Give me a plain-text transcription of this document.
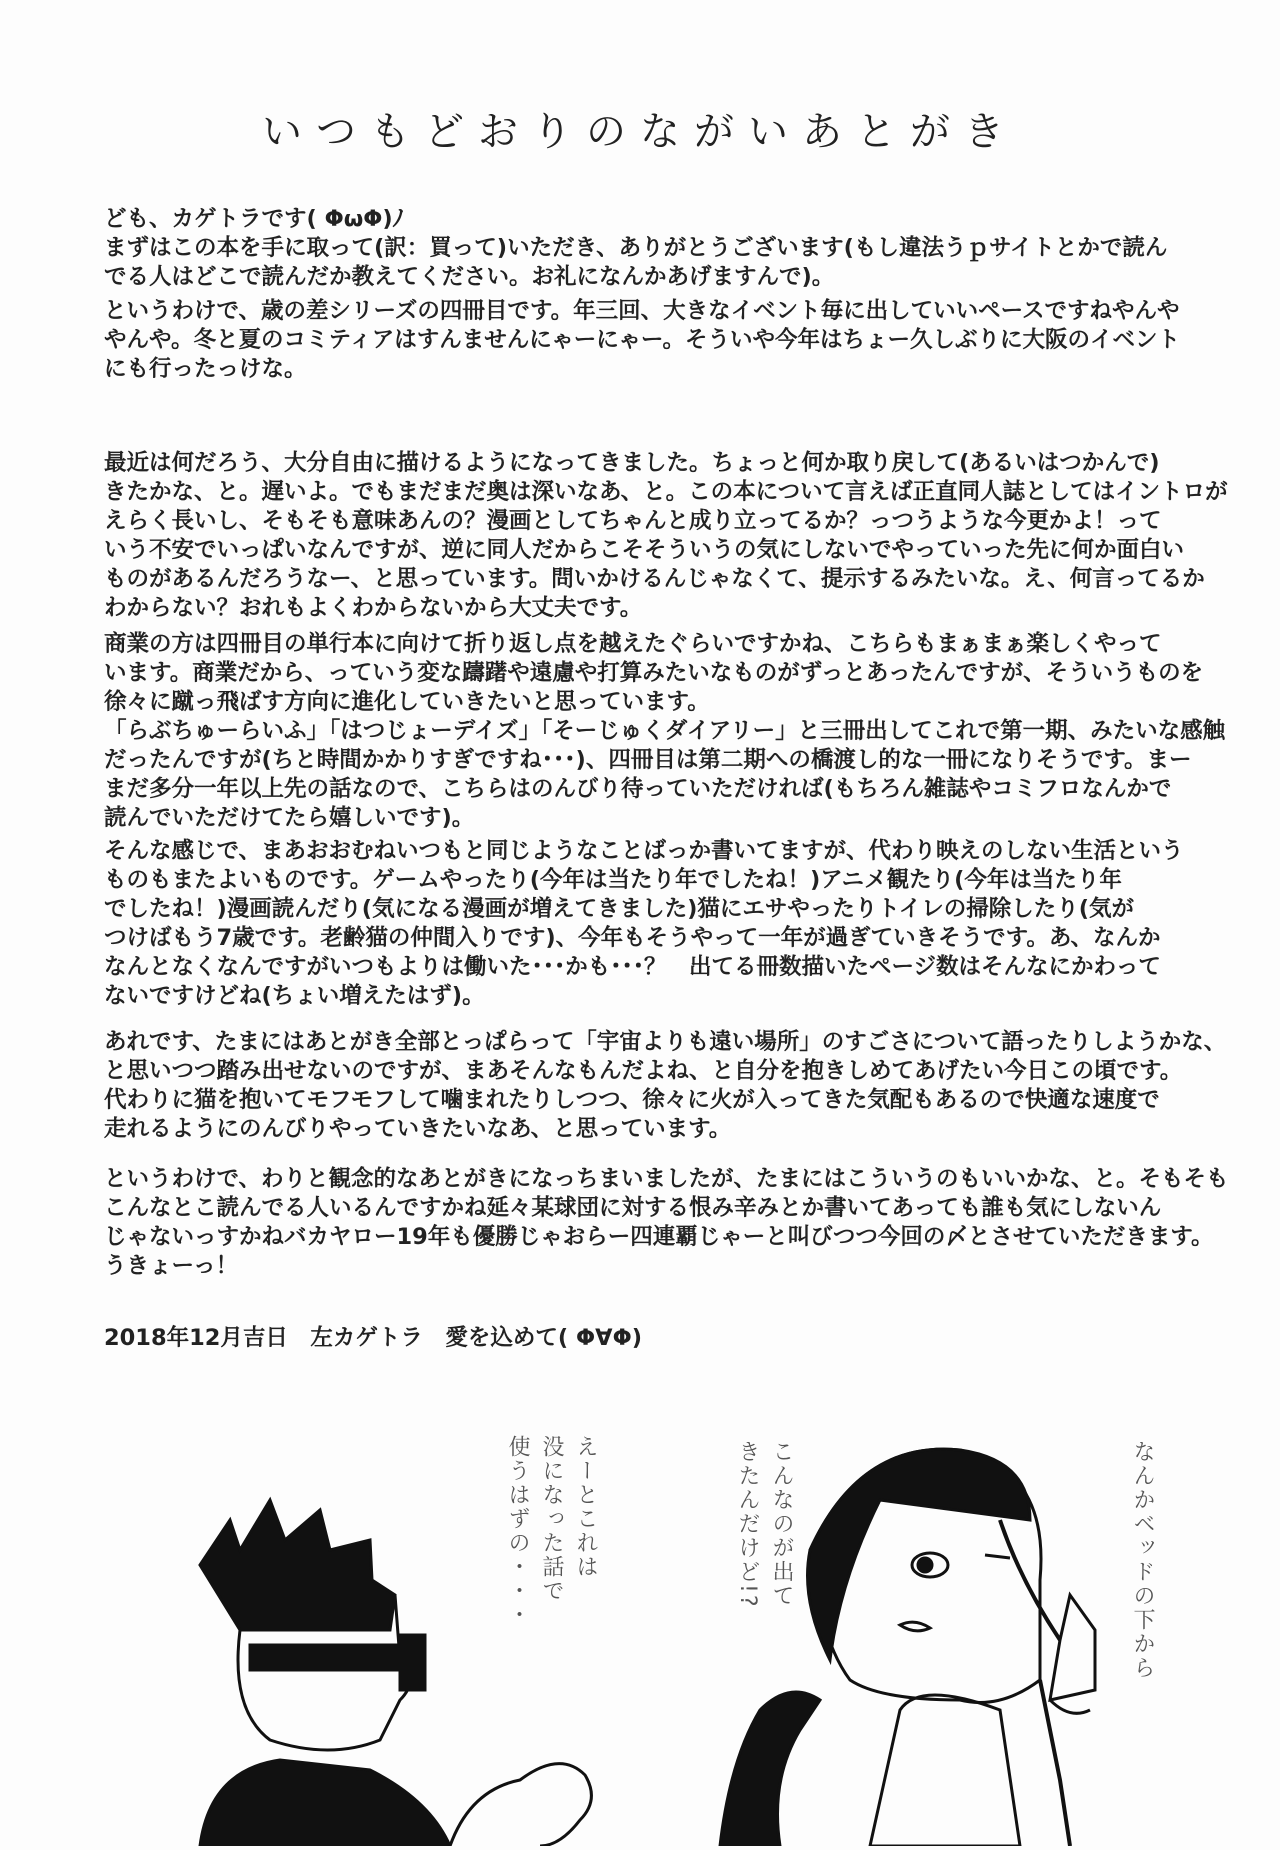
いつもどおりのながいあとがき
ども、カゲトラです( ΦωΦ)ﾉ
まずはこの本を手に取って(訳：買って)いただき、ありがとうございます(もし違法うｐサイトとかで読ん
でる人はどこで読んだか教えてください。お礼になんかあげますんで)。
というわけで、歳の差シリーズの四冊目です。年三回、大きなイベント毎に出していいペースですねやんや
やんや。冬と夏のコミティアはすんませんにゃーにゃー。そういや今年はちょー久しぶりに大阪のイベント
にも行ったっけな。
最近は何だろう、大分自由に描けるようになってきました。ちょっと何か取り戻して(あるいはつかんで)
きたかな、と。遅いよ。でもまだまだ奥は深いなあ、と。この本について言えば正直同人誌としてはイントロが
えらく長いし、そもそも意味あんの？漫画としてちゃんと成り立ってるか？っつうような今更かよ！って
いう不安でいっぱいなんですが、逆に同人だからこそそういうの気にしないでやっていった先に何か面白い
ものがあるんだろうなー、と思っています。問いかけるんじゃなくて、提示するみたいな。え、何言ってるか
わからない？おれもよくわからないから大丈夫です。
商業の方は四冊目の単行本に向けて折り返し点を越えたぐらいですかね、こちらもまぁまぁ楽しくやって
います。商業だから、っていう変な躊躇や遠慮や打算みたいなものがずっとあったんですが、そういうものを
徐々に蹴っ飛ばす方向に進化していきたいと思っています。
「らぶちゅーらいふ」「はつじょーデイズ」「そーじゅくダイアリー」と三冊出してこれで第一期、みたいな感触
だったんですが(ちと時間かかりすぎですね･･･)、四冊目は第二期への橋渡し的な一冊になりそうです。まー
まだ多分一年以上先の話なので、こちらはのんびり待っていただければ(もちろん雑誌やコミフロなんかで
読んでいただけてたら嬉しいです)。
そんな感じで、まあおおむねいつもと同じようなことばっか書いてますが、代わり映えのしない生活という
ものもまたよいものです。ゲームやったり(今年は当たり年でしたね！)アニメ観たり(今年は当たり年
でしたね！)漫画読んだり(気になる漫画が増えてきました)猫にエサやったりトイレの掃除したり(気が
つけばもう7歳です。老齢猫の仲間入りです)、今年もそうやって一年が過ぎていきそうです。あ、なんか
なんとなくなんですがいつもよりは働いた･･･かも･･･？　出てる冊数描いたページ数はそんなにかわって
ないですけどね(ちょい増えたはず)。
あれです、たまにはあとがき全部とっぱらって「宇宙よりも遠い場所」のすごさについて語ったりしようかな、
と思いつつ踏み出せないのですが、まあそんなもんだよね、と自分を抱きしめてあげたい今日この頃です。
代わりに猫を抱いてモフモフして噛まれたりしつつ、徐々に火が入ってきた気配もあるので快適な速度で
走れるようにのんびりやっていきたいなあ、と思っています。
というわけで、わりと観念的なあとがきになっちまいましたが、たまにはこういうのもいいかな、と。そもそも
こんなとこ読んでる人いるんですかね延々某球団に対する恨み辛みとか書いてあっても誰も気にしないん
じゃないっすかねバカヤロー19年も優勝じゃおらー四連覇じゃーと叫びつつ今回の〆とさせていただきます。
うきょーっ！
2018年12月吉日　左カゲトラ　愛を込めて( Φ∀Φ)
えーとこれは
没になった話で
使うはずの・・・	こんなのが出て
きたんだけど!?	なんかベッドの下から
